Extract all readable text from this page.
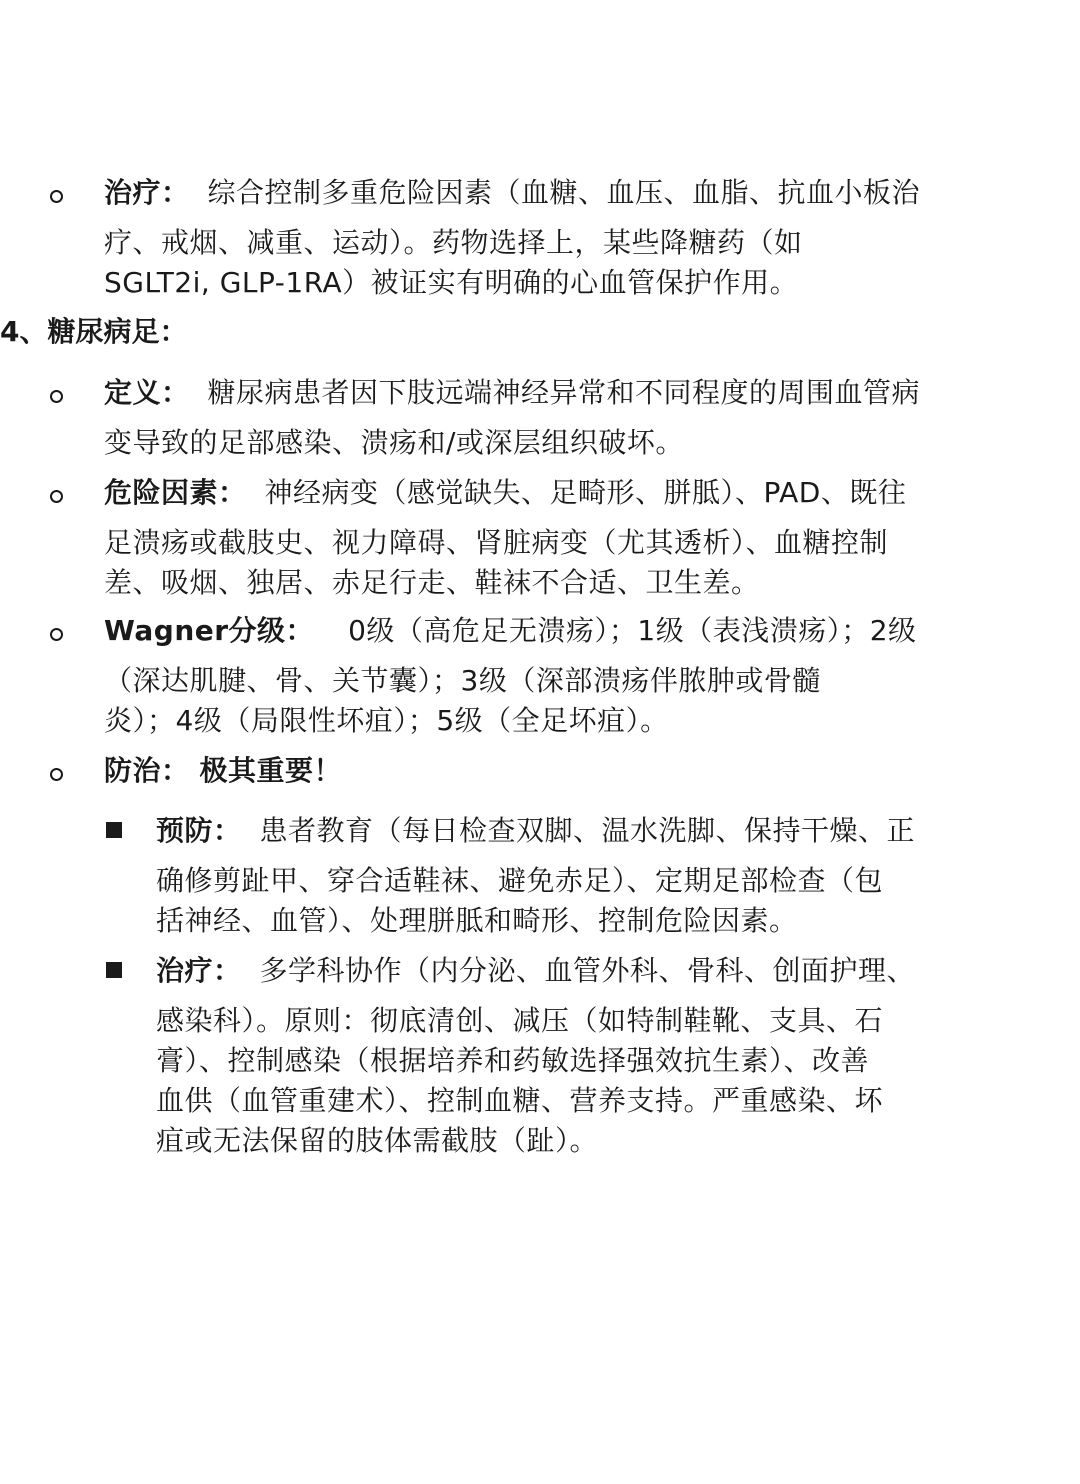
治疗： 综合控制多重危险因素（血糖、血压、血脂、抗血小板治
疗、戒烟、减重、运动）。药物选择上，某些降糖药（如
SGLT2i, GLP-1RA）被证实有明确的心血管保护作用。
4、糖尿病足：
定义： 糖尿病患者因下肢远端神经异常和不同程度的周围血管病
变导致的足部感染、溃疡和/或深层组织破坏。
危险因素： 神经病变（感觉缺失、足畸形、胼胝）、PAD、既往
足溃疡或截肢史、视力障碍、肾脏病变（尤其透析）、血糖控制
差、吸烟、独居、赤足行走、鞋袜不合适、卫生差。
Wagner分级： 0级（高危足无溃疡）；1级（表浅溃疡）；2级
（深达肌腱、骨、关节囊）；3级（深部溃疡伴脓肿或骨髓
炎）；4级（局限性坏疽）；5级（全足坏疽）。
防治： 极其重要！
预防： 患者教育（每日检查双脚、温水洗脚、保持干燥、正
确修剪趾甲、穿合适鞋袜、避免赤足）、定期足部检查（包
括神经、血管）、处理胼胝和畸形、控制危险因素。
治疗： 多学科协作（内分泌、血管外科、骨科、创面护理、
感染科）。原则：彻底清创、减压（如特制鞋靴、支具、石
膏）、控制感染（根据培养和药敏选择强效抗生素）、改善
血供（血管重建术）、控制血糖、营养支持。严重感染、坏
疽或无法保留的肢体需截肢（趾）。
